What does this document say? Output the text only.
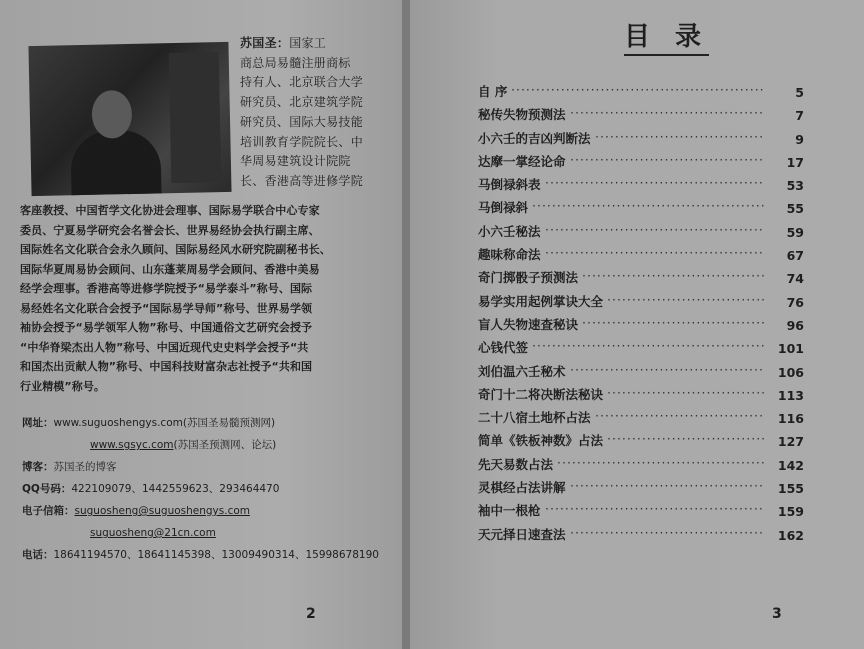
苏国圣：国家工
商总局易髓注册商标
持有人、北京联合大学
研究员、北京建筑学院
研究员、国际大易技能
培训教育学院院长、中
华周易建筑设计院院
长、香港高等进修学院
客座教授、中国哲学文化协进会理事、国际易学联合中心专家
委员、宁夏易学研究会名誉会长、世界易经协会执行副主席、
国际姓名文化联合会永久顾问、国际易经风水研究院副秘书长、
国际华夏周易协会顾问、山东蓬莱周易学会顾问、香港中美易
经学会理事。香港高等进修学院授予“易学泰斗”称号、国际
易经姓名文化联合会授予“国际易学导师”称号、世界易学领
袖协会授予“易学领军人物”称号、中国通俗文艺研究会授予
“中华脊梁杰出人物”称号、中国近现代史史料学会授予“共
和国杰出贡献人物”称号、中国科技财富杂志社授予“共和国
行业精模”称号。
网址：www.suguoshengys.com(苏国圣易髓预测网)
www.sgsyc.com(苏国圣预测网、论坛)
博客：苏国圣的博客
QQ号码：422109079、1442559623、293464470
电子信箱：suguosheng@suguoshengys.com
suguosheng@21cn.com
电话：18641194570、18641145398、13009490314、15998678190
2
目 录
自 序 ···················································	5
秘传失物预测法 ·······································	7
小六壬的吉凶判断法 ··································	9
达摩一掌经论命 ·······································	17
马倒禄斜表 ············································	53
马倒禄斜 ···············································	55
小六壬秘法 ············································	59
趣味称命法 ············································	67
奇门掷骰子预测法 ·····································	74
易学实用起例掌诀大全 ································	76
盲人失物速查秘诀 ·····································	96
心钱代签 ··············································· 101
刘伯温六壬秘术 ·······································	106
奇门十二将决断法秘诀 ································ 113
二十八宿土地杯占法 ··································	116
简单《铁板神数》占法 ································ 127
先天易数占法 ·········································· 142
灵棋经占法讲解 ·······································	155
袖中一根枪 ············································	159
天元择日速查法 ·······································	162
3
